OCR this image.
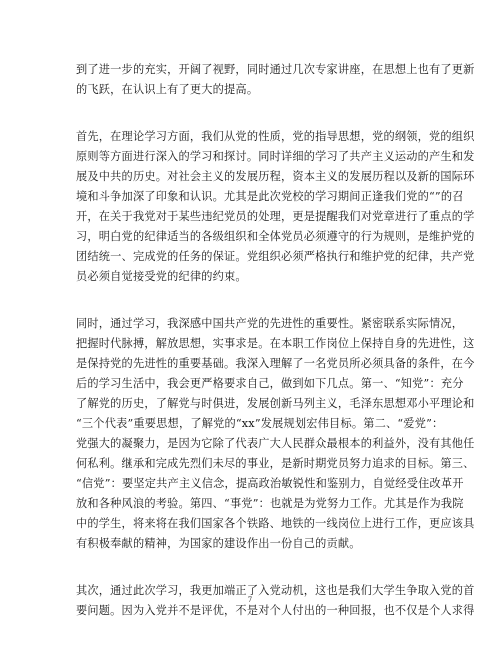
到了进一步的充实，开阔了视野，同时通过几次专家讲座，在思想上也有了更新
的飞跃，在认识上有了更大的提高。

首先，在理论学习方面，我们从党的性质，党的指导思想，党的纲领，党的组织
原则等方面进行深入的学习和探讨。同时详细的学习了共产主义运动的产生和发
展及中共的历史。对社会主义的发展历程，资本主义的发展历程以及新的国际环
境和斗争加深了印象和认识。尤其是此次党校的学习期间正逢我们党的“”的召
开，在关于我党对于某些违纪党员的处理，更是提醒我们对党章进行了重点的学
习，明白党的纪律适当的各级组织和全体党员必须遵守的行为规则，是维护党的
团结统一、完成党的任务的保证。党组织必须严格执行和维护党的纪律，共产党
员必须自觉接受党的纪律的约束。

同时，通过学习，我深感中国共产党的先进性的重要性。紧密联系实际情况，
把握时代脉搏，解放思想，实事求是。在本职工作岗位上保持自身的先进性，这
是保持党的先进性的重要基础。我深入理解了一名党员所必须具备的条件，在今
后的学习生活中，我会更严格要求自己，做到如下几点。第一、“知党”：充分
了解党的历史，了解党与时俱进，发展创新马列主义，毛泽东思想邓小平理论和
“三个代表”重要思想，了解党的“xx”发展规划宏伟目标。第二、“爱党”：
党强大的凝聚力，是因为它除了代表广大人民群众最根本的利益外，没有其他任
何私利。继承和完成先烈们未尽的事业，是新时期党员努力追求的目标。第三、
“信党”：要坚定共产主义信念，提高政治敏锐性和鉴别力，自觉经受住改革开
放和各种风浪的考验。第四、“事党”：也就是为党努力工作。尤其是作为我院
中的学生，将来将在我们国家各个铁路、地铁的一线岗位上进行工作，更应该具
有积极奉献的精神，为国家的建设作出一份自己的贡献。

其次，通过此次学习，我更加端正了入党动机，这也是我们大学生争取入党的首
要问题。因为入党并不是评优，不是对个人付出的一种回报，也不仅是个人求得

7
